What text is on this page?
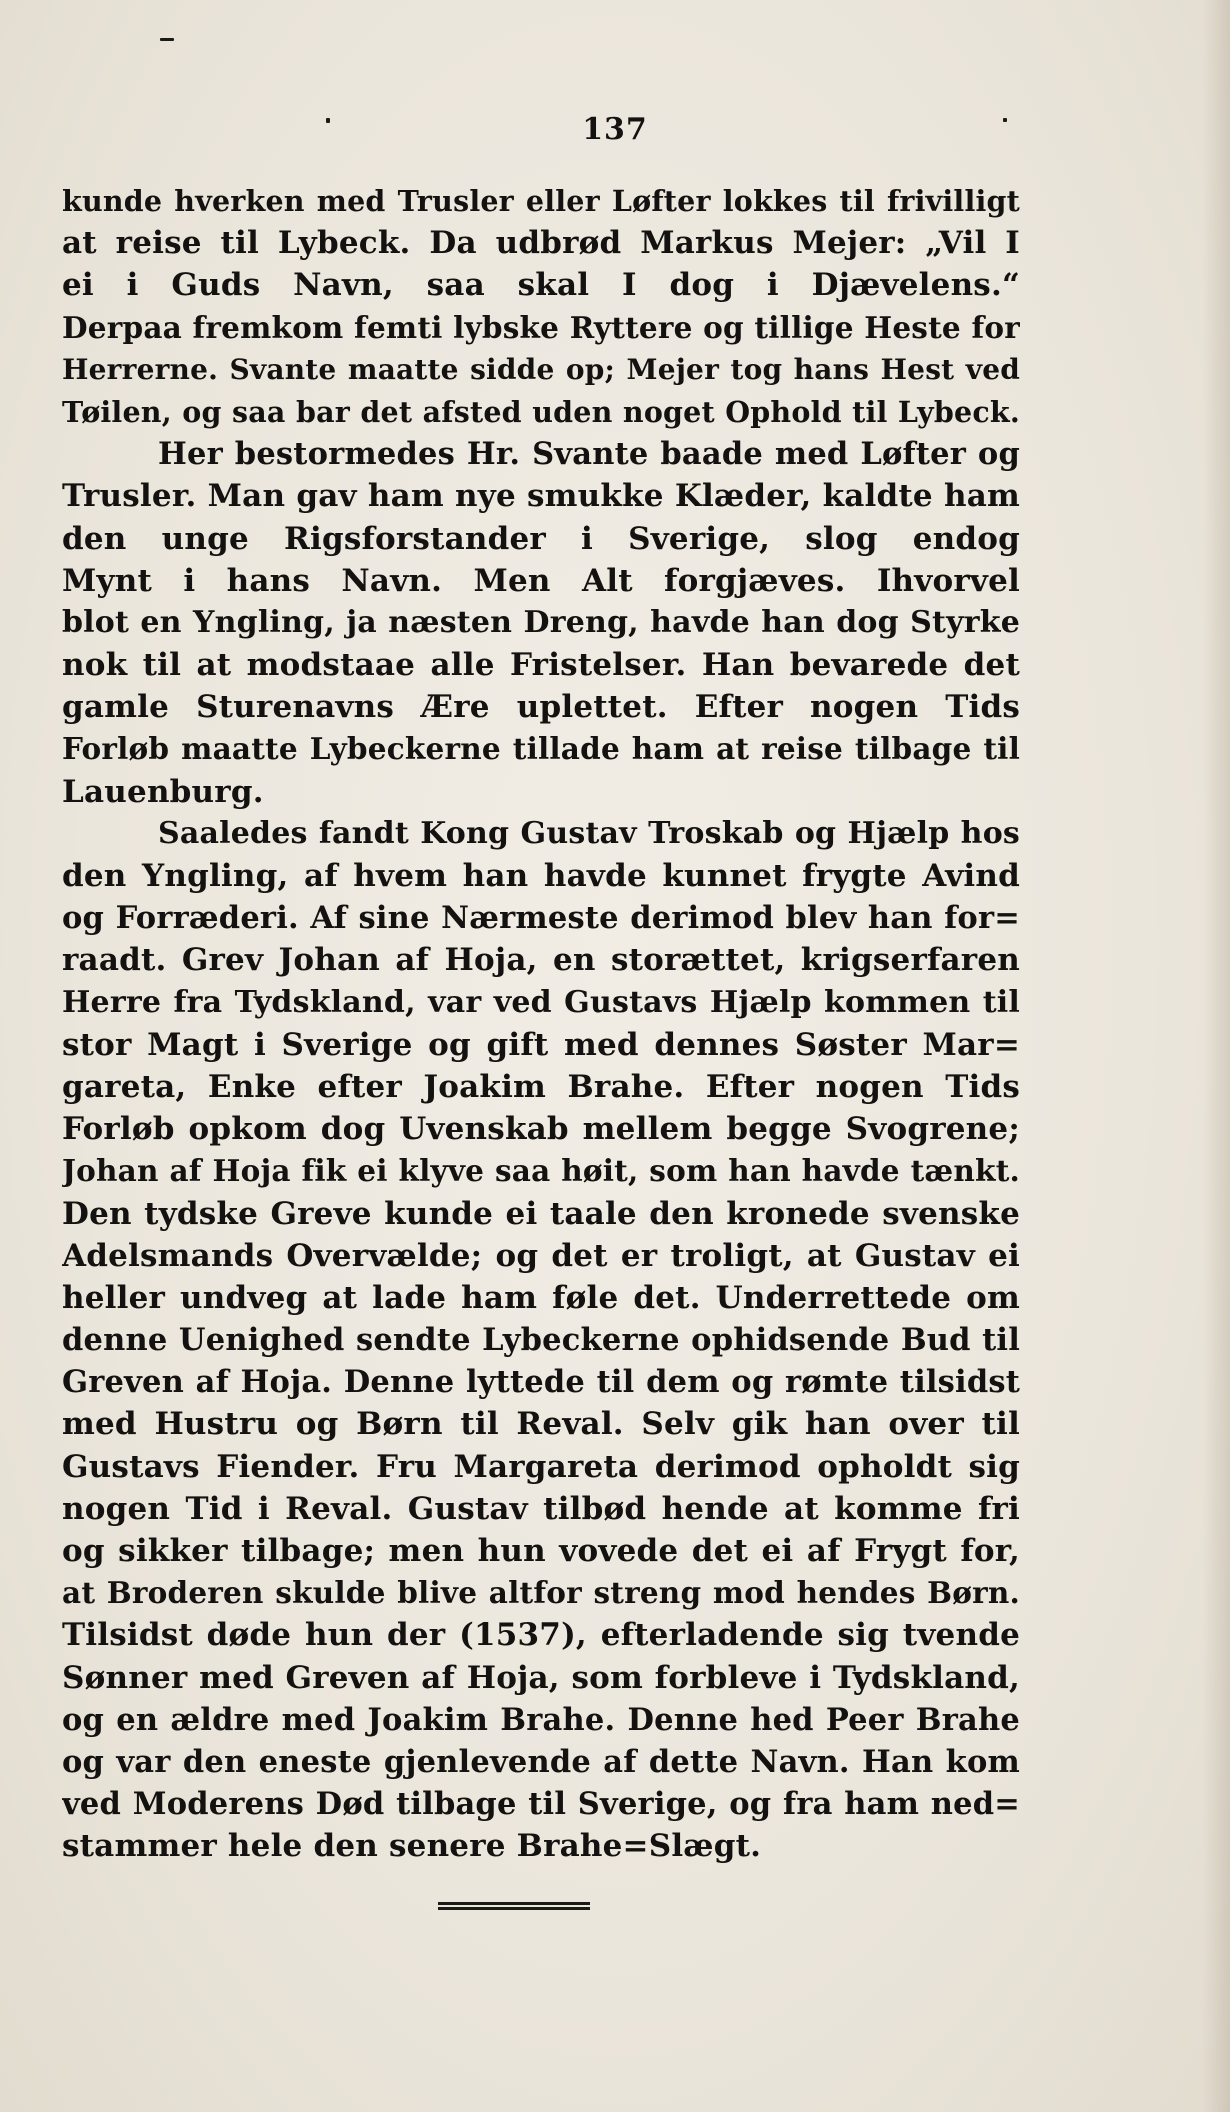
137
kunde hverken med Trusler eller Løfter lokkes til frivilligt
at reise til Lybeck. Da udbrød Markus Mejer: „Vil I
ei i Guds Navn, saa skal I dog i Djævelens.“
Derpaa fremkom femti lybske Ryttere og tillige Heste for
Herrerne. Svante maatte sidde op; Mejer tog hans Hest ved
Tøilen, og saa bar det afsted uden noget Ophold til Lybeck.
Her bestormedes Hr. Svante baade med Løfter og
Trusler. Man gav ham nye smukke Klæder, kaldte ham
den unge Rigsforstander i Sverige, slog endog
Mynt i hans Navn. Men Alt forgjæves. Ihvorvel
blot en Yngling, ja næsten Dreng, havde han dog Styrke
nok til at modstaae alle Fristelser. Han bevarede det
gamle Sturenavns Ære uplettet. Efter nogen Tids
Forløb maatte Lybeckerne tillade ham at reise tilbage til
Lauenburg.
Saaledes fandt Kong Gustav Troskab og Hjælp hos
den Yngling, af hvem han havde kunnet frygte Avind
og Forræderi. Af sine Nærmeste derimod blev han for=
raadt. Grev Johan af Hoja, en storættet, krigserfaren
Herre fra Tydskland, var ved Gustavs Hjælp kommen til
stor Magt i Sverige og gift med dennes Søster Mar=
gareta, Enke efter Joakim Brahe. Efter nogen Tids
Forløb opkom dog Uvenskab mellem begge Svogrene;
Johan af Hoja fik ei klyve saa høit, som han havde tænkt.
Den tydske Greve kunde ei taale den kronede svenske
Adelsmands Overvælde; og det er troligt, at Gustav ei
heller undveg at lade ham føle det. Underrettede om
denne Uenighed sendte Lybeckerne ophidsende Bud til
Greven af Hoja. Denne lyttede til dem og rømte tilsidst
med Hustru og Børn til Reval. Selv gik han over til
Gustavs Fiender. Fru Margareta derimod opholdt sig
nogen Tid i Reval. Gustav tilbød hende at komme fri
og sikker tilbage; men hun vovede det ei af Frygt for,
at Broderen skulde blive altfor streng mod hendes Børn.
Tilsidst døde hun der (1537), efterladende sig tvende
Sønner med Greven af Hoja, som forbleve i Tydskland,
og en ældre med Joakim Brahe. Denne hed Peer Brahe
og var den eneste gjenlevende af dette Navn. Han kom
ved Moderens Død tilbage til Sverige, og fra ham ned=
stammer hele den senere Brahe=Slægt.
